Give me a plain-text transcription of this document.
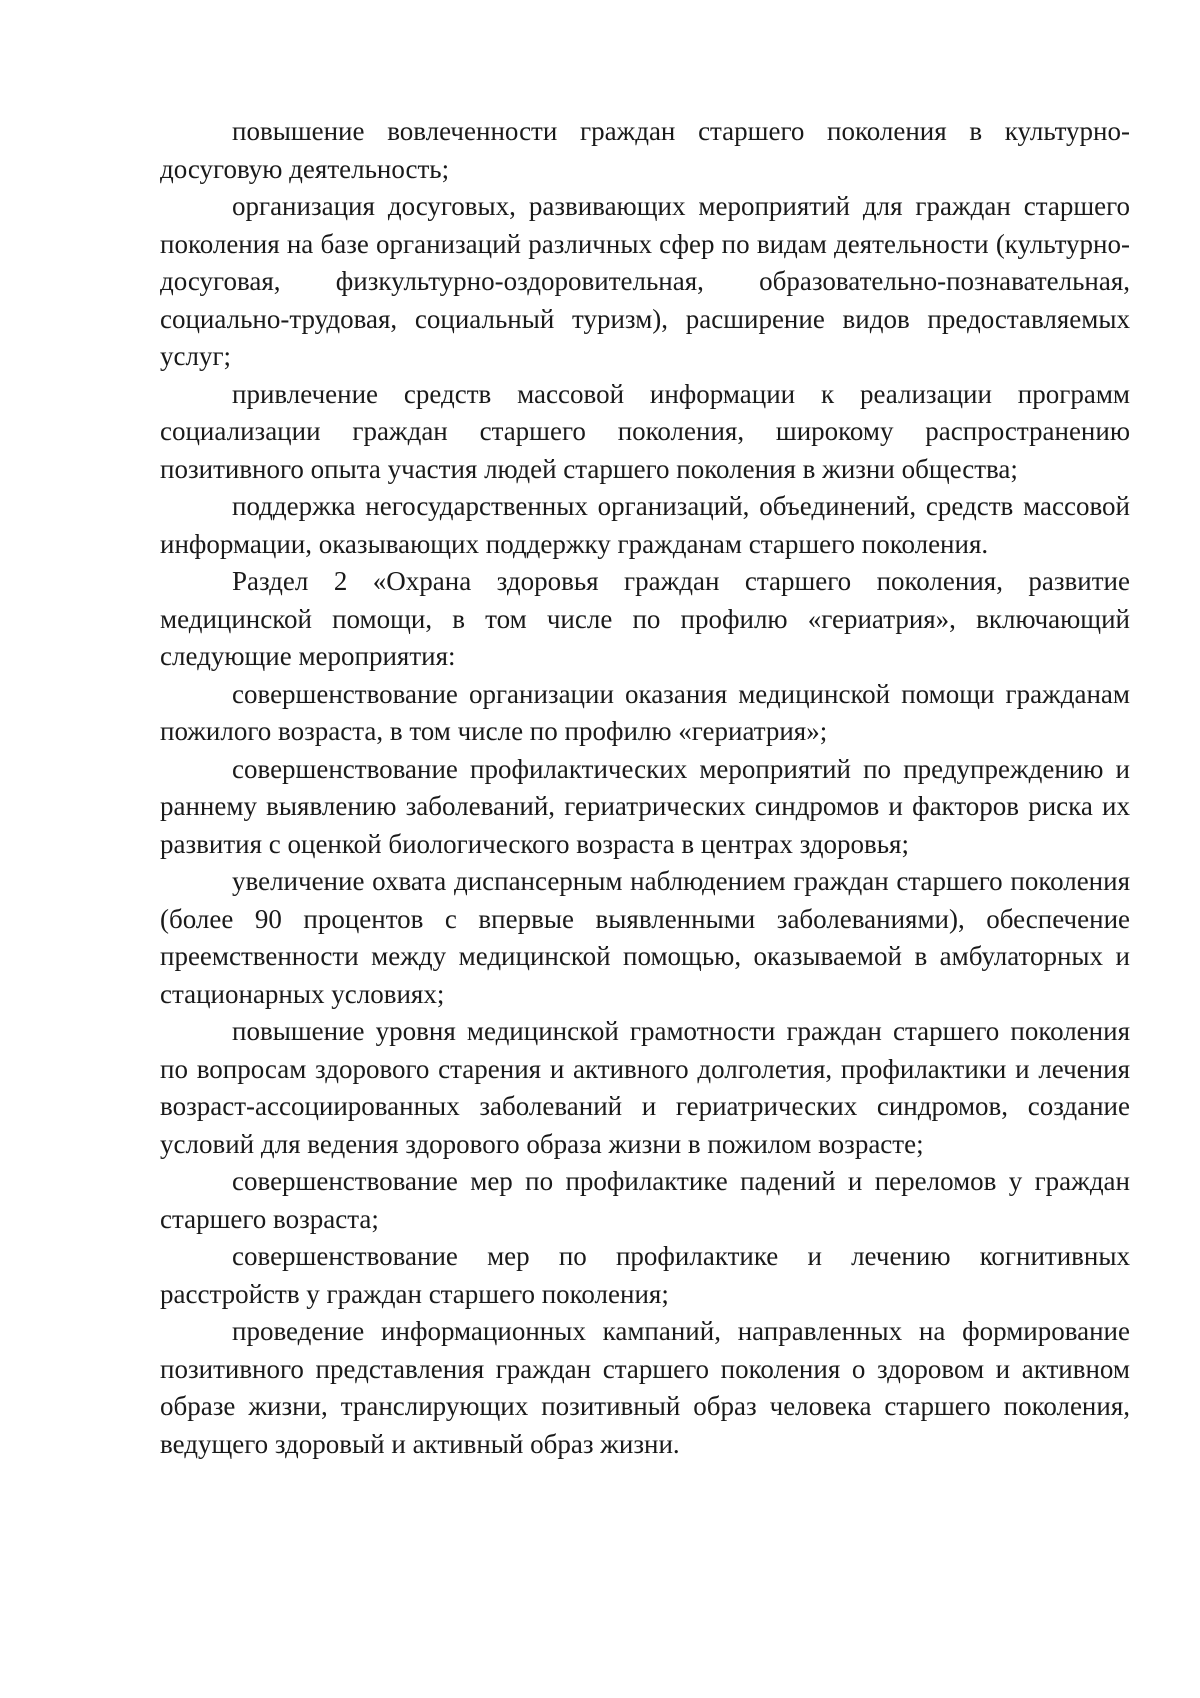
повышение вовлеченности граждан старшего поколения в культурно-досуговую деятельность;

организация досуговых, развивающих мероприятий для граждан старшего поколения на базе организаций различных сфер по видам деятельности (культурно-досуговая, физкультурно-оздоровительная, образовательно-познавательная, социально-трудовая, социальный туризм), расширение видов предоставляемых услуг;

привлечение средств массовой информации к реализации программ социализации граждан старшего поколения, широкому распространению позитивного опыта участия людей старшего поколения в жизни общества;

поддержка негосударственных организаций, объединений, средств массовой информации, оказывающих поддержку гражданам старшего поколения.

Раздел 2 «Охрана здоровья граждан старшего поколения, развитие медицинской помощи, в том числе по профилю «гериатрия», включающий следующие мероприятия:

совершенствование организации оказания медицинской помощи гражданам пожилого возраста, в том числе по профилю «гериатрия»;

совершенствование профилактических мероприятий по предупреждению и раннему выявлению заболеваний, гериатрических синдромов и факторов риска их развития с оценкой биологического возраста в центрах здоровья;

увеличение охвата диспансерным наблюдением граждан старшего поколения (более 90 процентов с впервые выявленными заболеваниями), обеспечение преемственности между медицинской помощью, оказываемой в амбулаторных и стационарных условиях;

повышение уровня медицинской грамотности граждан старшего поколения по вопросам здорового старения и активного долголетия, профилактики и лечения возраст-ассоциированных заболеваний и гериатрических синдромов, создание условий для ведения здорового образа жизни в пожилом возрасте;

совершенствование мер по профилактике падений и переломов у граждан старшего возраста;

совершенствование мер по профилактике и лечению когнитивных расстройств у граждан старшего поколения;

проведение информационных кампаний, направленных на формирование позитивного представления граждан старшего поколения о здоровом и активном образе жизни, транслирующих позитивный образ человека старшего поколения, ведущего здоровый и активный образ жизни.
